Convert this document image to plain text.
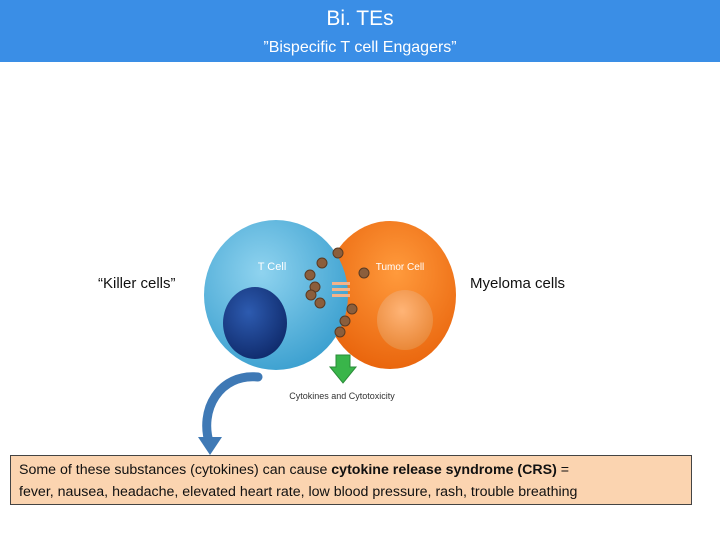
Bi. TEs
”Bispecific T cell Engagers”
“Killer cells”	Myeloma cells
Tumor Cell
T Cell
Cytokines and Cytotoxicity
Some of these substances (cytokines) can cause cytokine release syndrome (CRS) =
fever, nausea, headache, elevated heart rate, low blood pressure, rash, trouble breathing
